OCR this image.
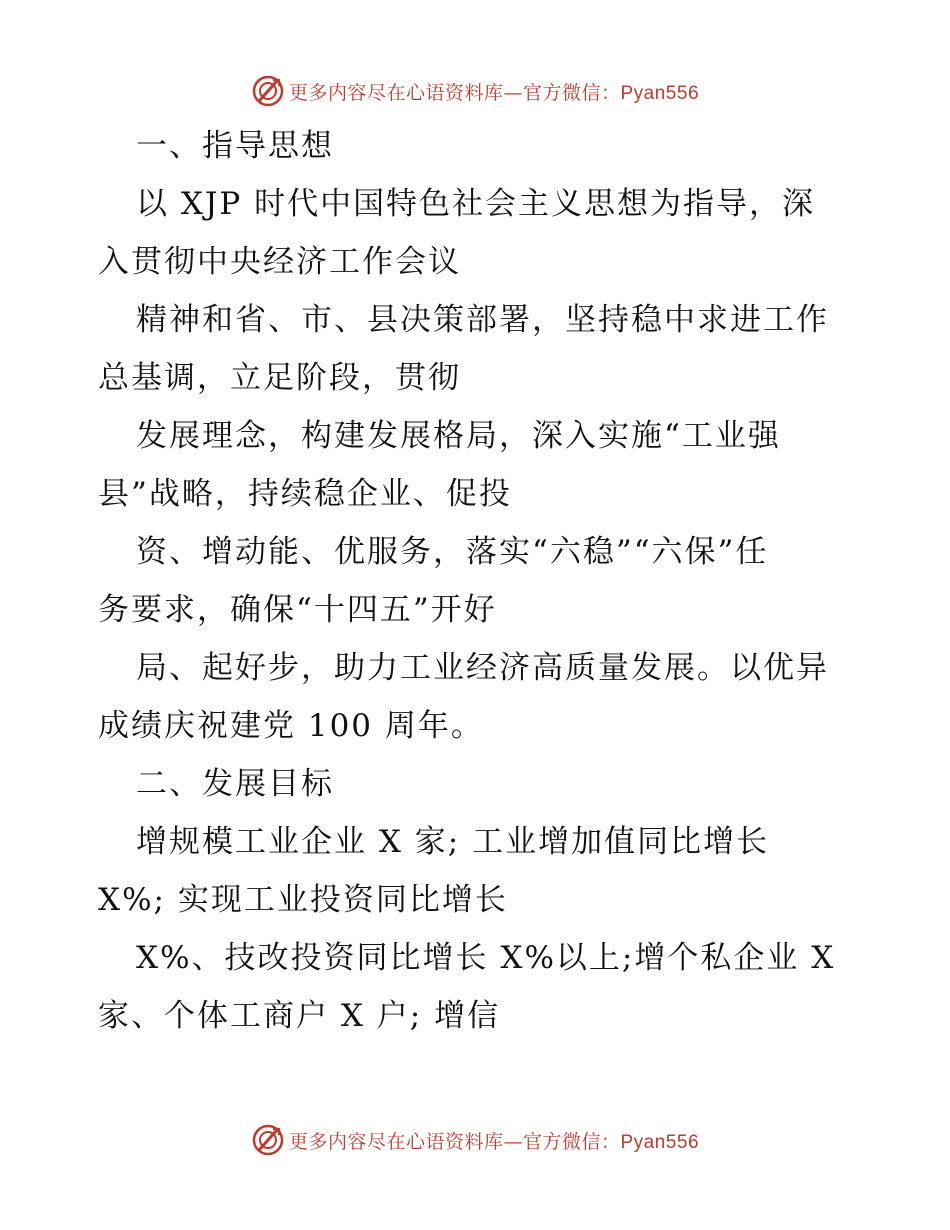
更多内容尽在心语资料库—官方微信：Pyan556
一、指导思想
以 XJP 时代中国特色社会主义思想为指导，深
入贯彻中央经济工作会议
精神和省、市、县决策部署，坚持稳中求进工作
总基调，立足阶段，贯彻
发展理念，构建发展格局，深入实施“工业强
县”战略，持续稳企业、促投
资、增动能、优服务，落实“六稳”“六保”任
务要求，确保“十四五”开好
局、起好步，助力工业经济高质量发展。以优异
成绩庆祝建党 100 周年。
二、发展目标
增规模工业企业 X 家; 工业增加值同比增长
X%; 实现工业投资同比增长
X%、技改投资同比增长 X%以上;增个私企业 X
家、个体工商户 X 户; 增信
更多内容尽在心语资料库—官方微信：Pyan556
